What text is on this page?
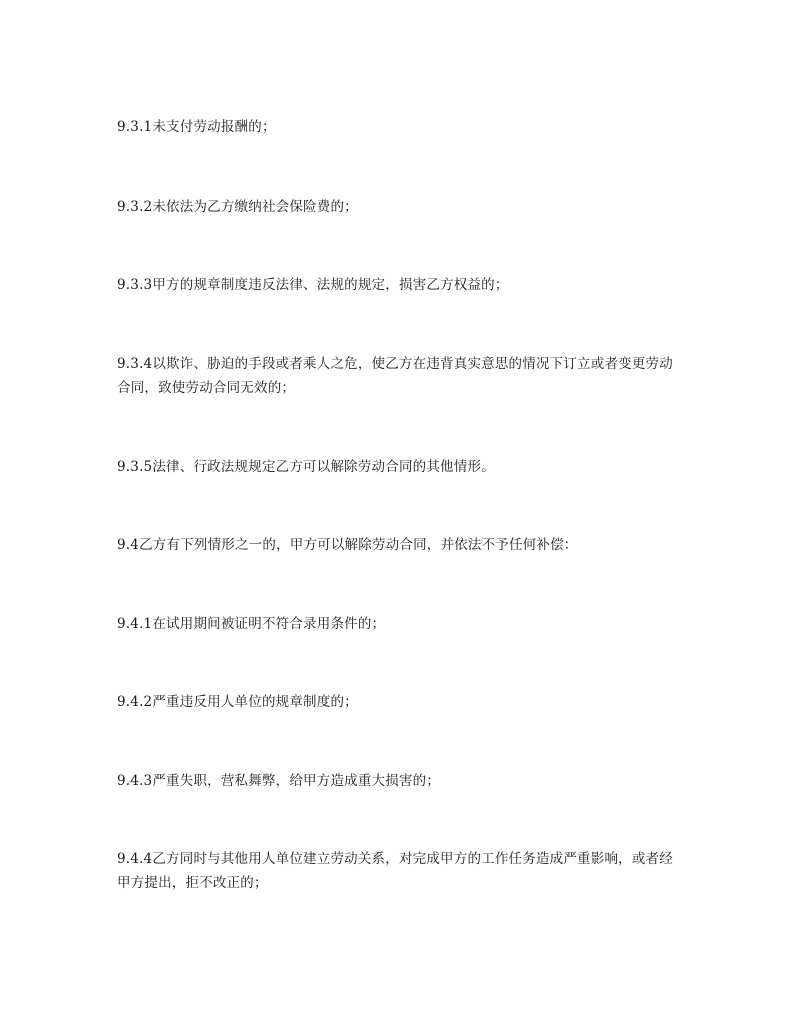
9.3.1未支付劳动报酬的；

9.3.2未依法为乙方缴纳社会保险费的；

9.3.3甲方的规章制度违反法律、法规的规定，损害乙方权益的；

9.3.4以欺诈、胁迫的手段或者乘人之危，使乙方在违背真实意思的情况下订立或者变更劳动合同，致使劳动合同无效的；

9.3.5法律、行政法规规定乙方可以解除劳动合同的其他情形。

9.4乙方有下列情形之一的，甲方可以解除劳动合同，并依法不予任何补偿：

9.4.1在试用期间被证明不符合录用条件的；

9.4.2严重违反用人单位的规章制度的；

9.4.3严重失职，营私舞弊，给甲方造成重大损害的；

9.4.4乙方同时与其他用人单位建立劳动关系，对完成甲方的工作任务造成严重影响，或者经甲方提出，拒不改正的；
